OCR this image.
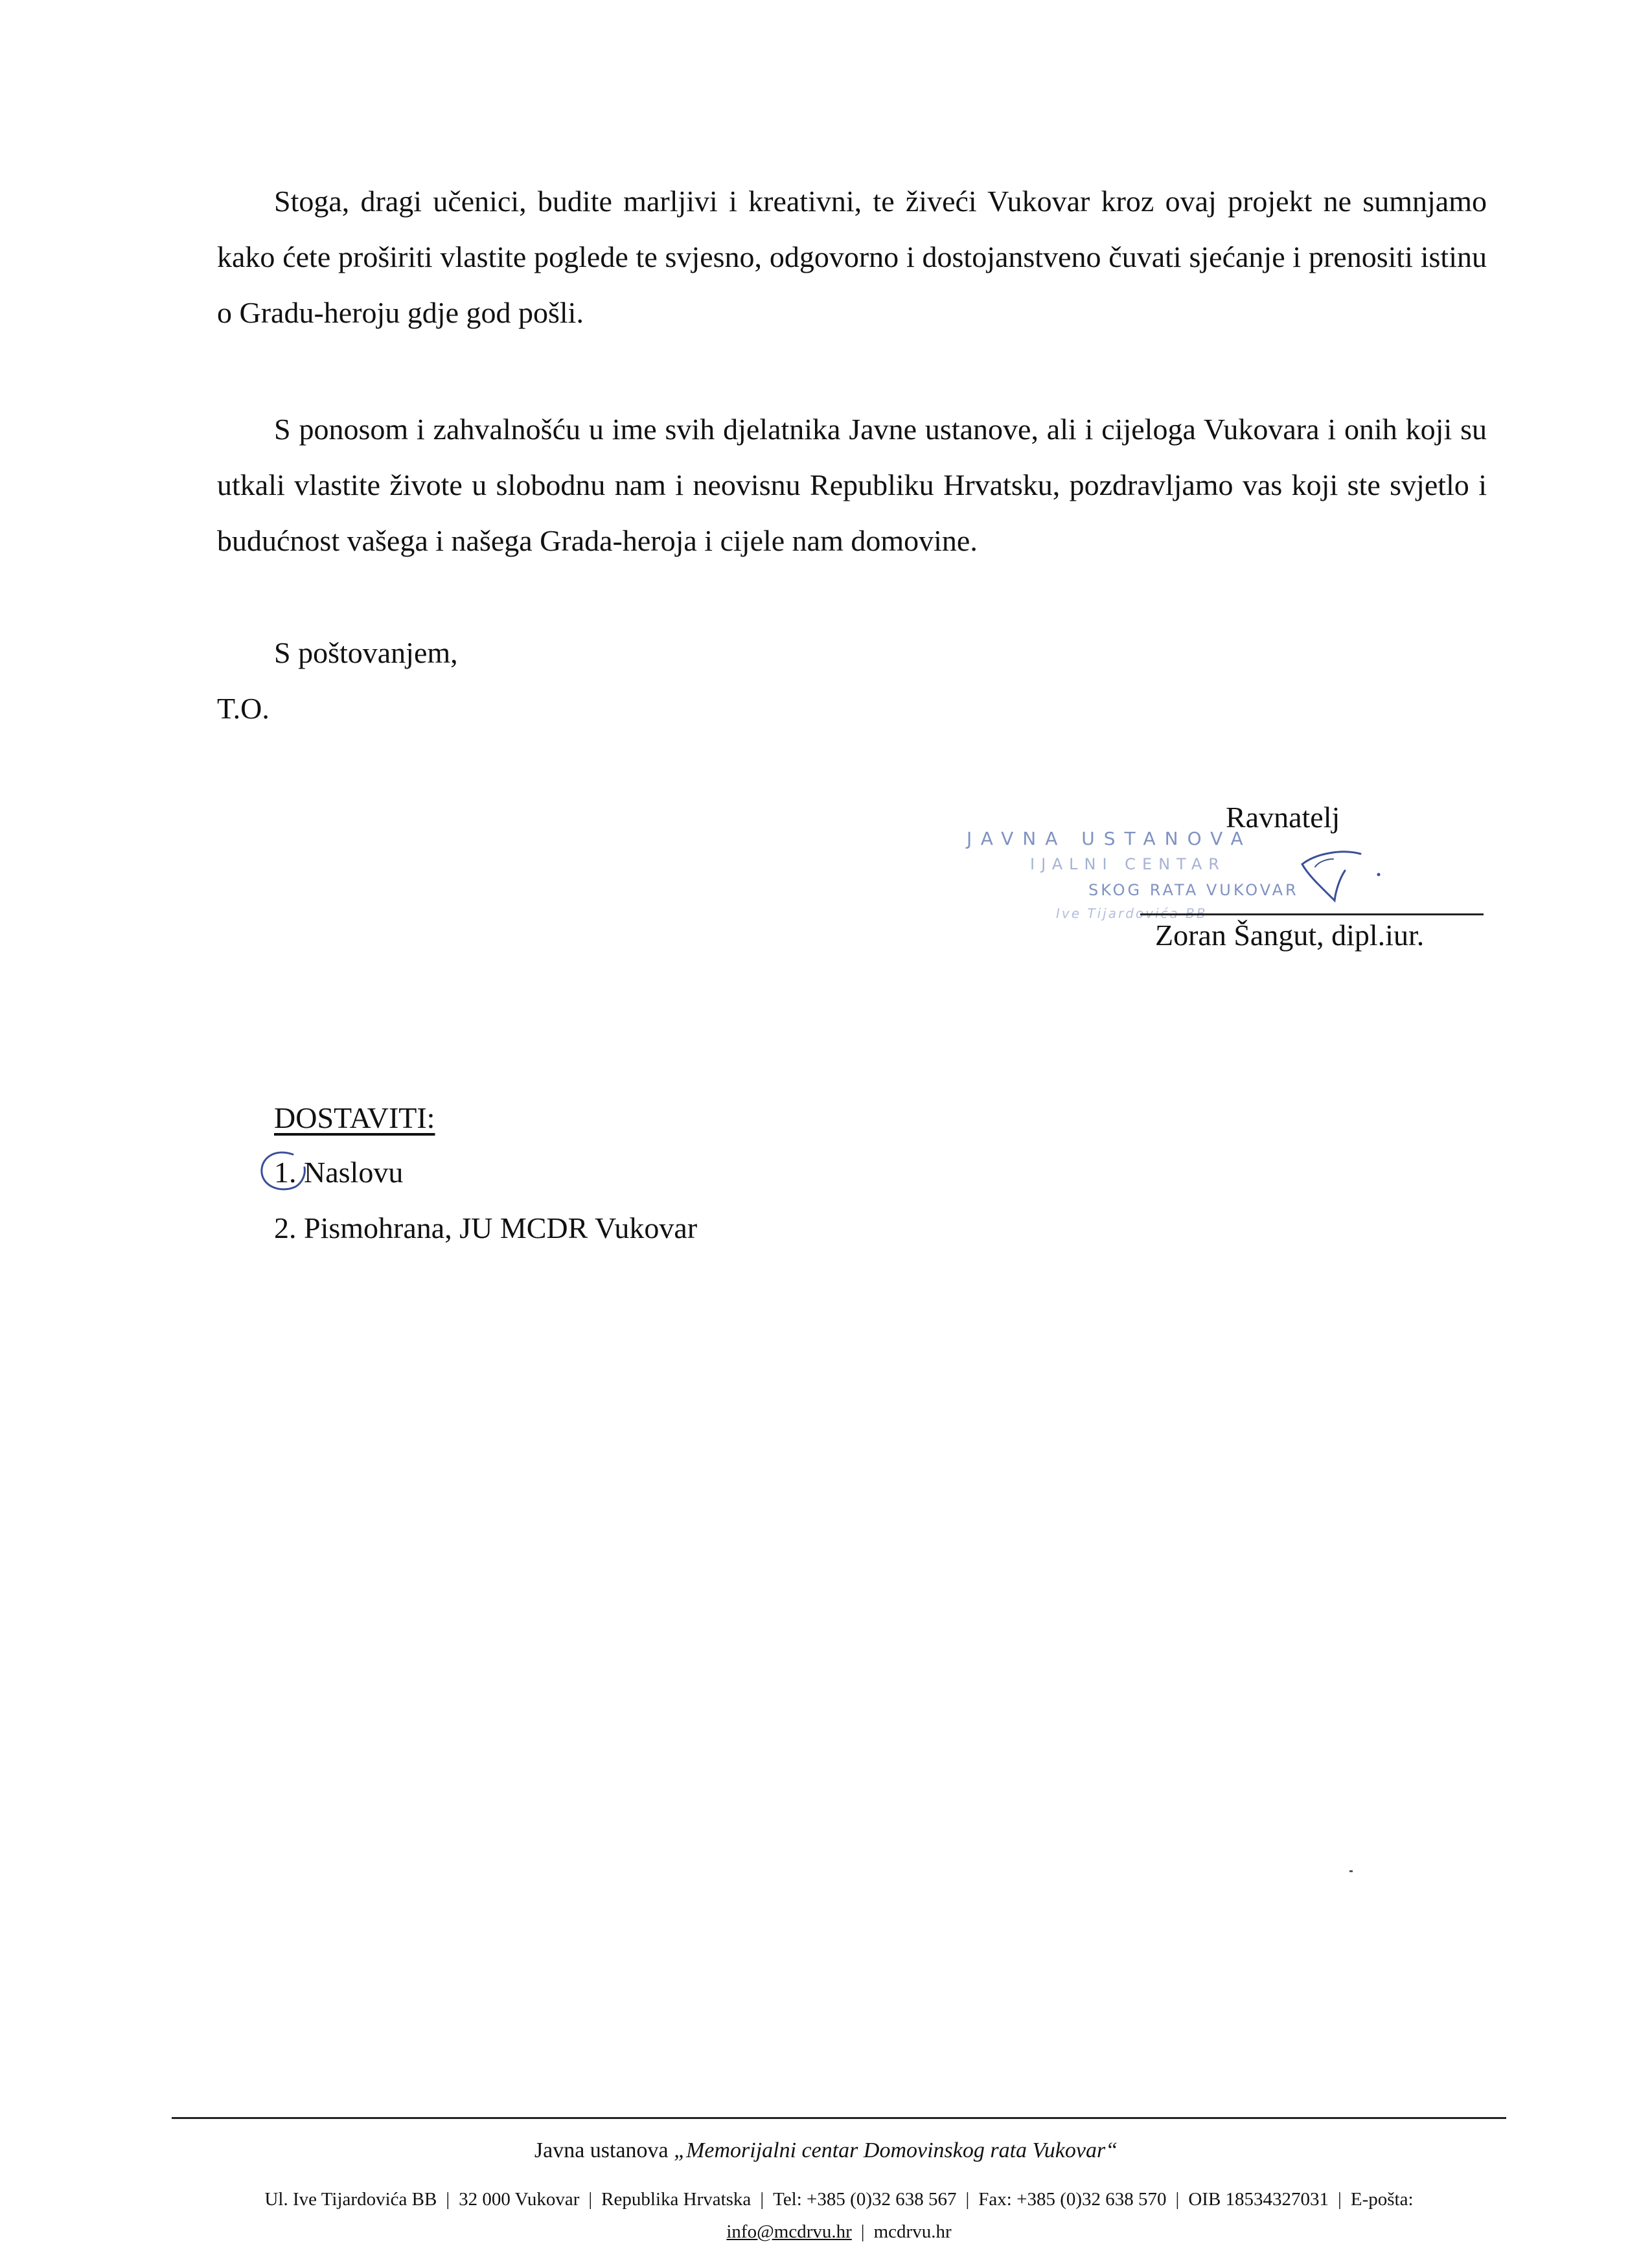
Stoga, dragi učenici, budite marljivi i kreativni, te živeći Vukovar kroz ovaj projekt ne sumnjamo kako ćete proširiti vlastite poglede te svjesno, odgovorno i dostojanstveno čuvati sjećanje i prenositi istinu o Gradu-heroju gdje god pošli.

S ponosom i zahvalnošću u ime svih djelatnika Javne ustanove, ali i cijeloga Vukovara i onih koji su utkali vlastite živote u slobodnu nam i neovisnu Republiku Hrvatsku, pozdravljamo vas koji ste svjetlo i budućnost vašega i našega Grada-heroja i cijele nam domovine.

S poštovanjem,
T.O.
Ravnatelj
JAVNA USTANOVA
IJALNI CENTAR
SKOG RATA VUKOVAR
Ive Tijardovića BB
Zoran Šangut, dipl.iur.
DOSTAVITI:
1. Naslovu
2. Pismohrana, JU MCDR Vukovar
Javna ustanova „Memorijalni centar Domovinskog rata Vukovar“
Ul. Ive Tijardovića BB | 32 000 Vukovar | Republika Hrvatska | Tel: +385 (0)32 638 567 | Fax: +385 (0)32 638 570 | OIB 18534327031 | E-pošta:
info@mcdrvu.hr | mcdrvu.hr
